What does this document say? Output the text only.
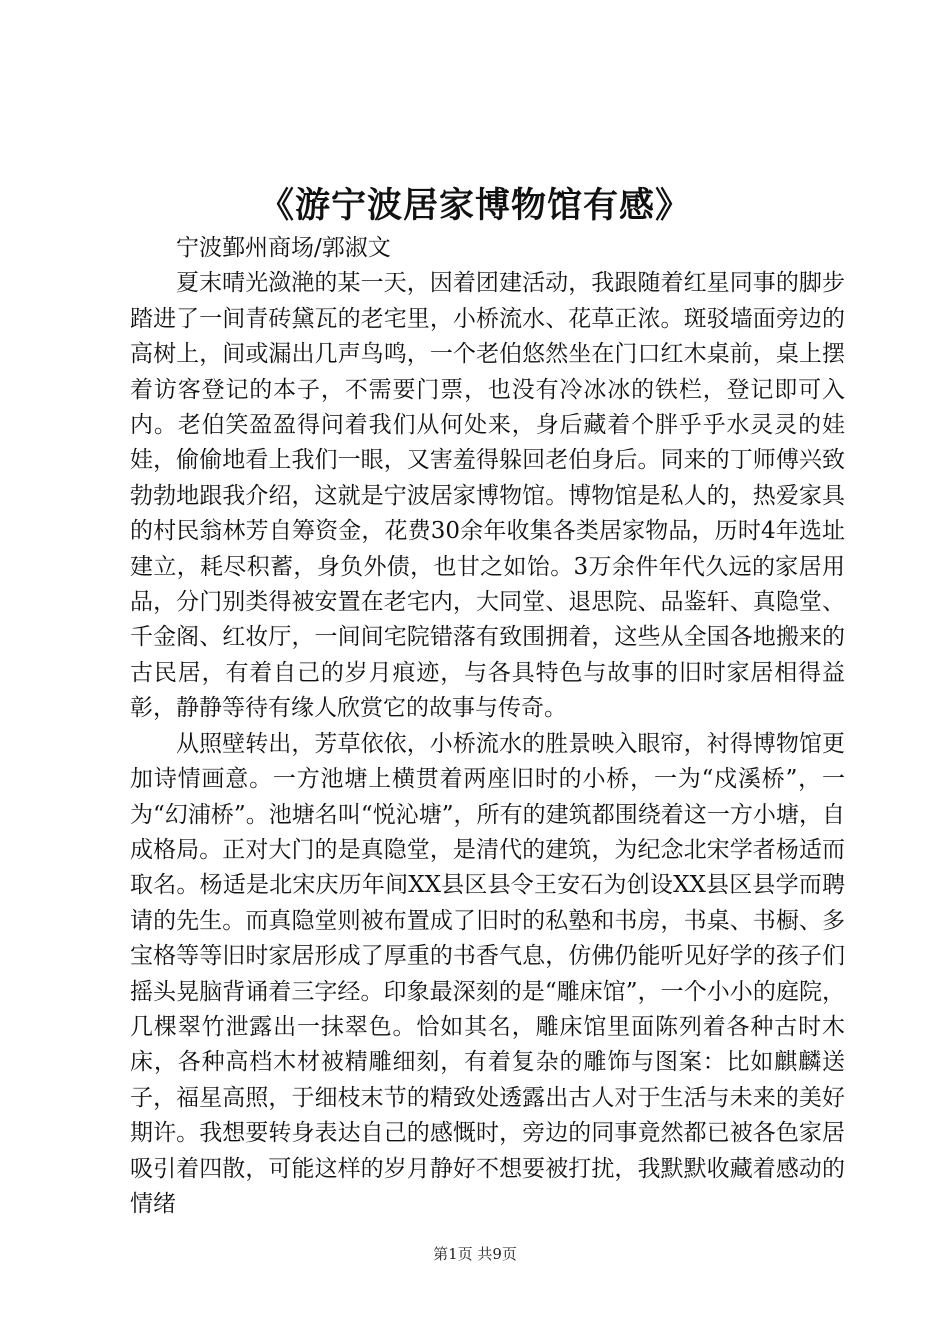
《游宁波居家博物馆有感》

宁波鄞州商场/郭淑文

夏末晴光潋滟的某一天，因着团建活动，我跟随着红星同事的脚步踏进了一间青砖黛瓦的老宅里，小桥流水、花草正浓。斑驳墙面旁边的高树上，间或漏出几声鸟鸣，一个老伯悠然坐在门口红木桌前，桌上摆着访客登记的本子，不需要门票，也没有冷冰冰的铁栏，登记即可入内。老伯笑盈盈得问着我们从何处来，身后藏着个胖乎乎水灵灵的娃娃，偷偷地看上我们一眼，又害羞得躲回老伯身后。同来的丁师傅兴致勃勃地跟我介绍，这就是宁波居家博物馆。博物馆是私人的，热爱家具的村民翁林芳自筹资金，花费30余年收集各类居家物品，历时4年选址建立，耗尽积蓄，身负外债，也甘之如饴。3万余件年代久远的家居用品，分门别类得被安置在老宅内，大同堂、退思院、品鉴轩、真隐堂、千金阁、红妆厅，一间间宅院错落有致围拥着，这些从全国各地搬来的古民居，有着自己的岁月痕迹，与各具特色与故事的旧时家居相得益彰，静静等待有缘人欣赏它的故事与传奇。

从照壁转出，芳草依依，小桥流水的胜景映入眼帘，衬得博物馆更加诗情画意。一方池塘上横贯着两座旧时的小桥，一为“戍溪桥”，一为“幻浦桥”。池塘名叫“悦沁塘”，所有的建筑都围绕着这一方小塘，自成格局。正对大门的是真隐堂，是清代的建筑，为纪念北宋学者杨适而取名。杨适是北宋庆历年间XX县区县令王安石为创设XX县区县学而聘请的先生。而真隐堂则被布置成了旧时的私塾和书房，书桌、书橱、多宝格等等旧时家居形成了厚重的书香气息，仿佛仍能听见好学的孩子们摇头晃脑背诵着三字经。印象最深刻的是“雕床馆”，一个小小的庭院，几棵翠竹泄露出一抹翠色。恰如其名，雕床馆里面陈列着各种古时木床，各种高档木材被精雕细刻，有着复杂的雕饰与图案：比如麒麟送子，福星高照，于细枝末节的精致处透露出古人对于生活与未来的美好期许。我想要转身表达自己的感慨时，旁边的同事竟然都已被各色家居吸引着四散，可能这样的岁月静好不想要被打扰，我默默收藏着感动的情绪

第1页 共9页
